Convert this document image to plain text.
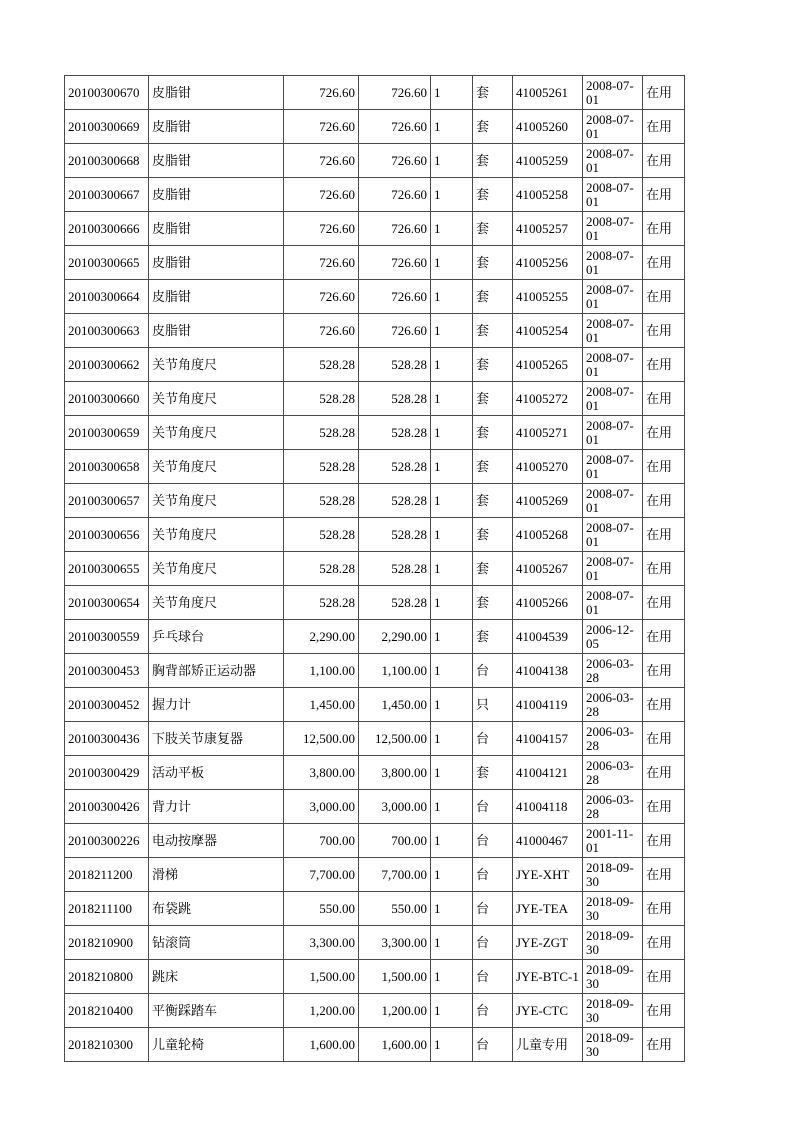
20100300670	皮脂钳	726.60	726.60	1	套	41005261	2008-07-01	在用
20100300669	皮脂钳	726.60	726.60	1	套	41005260	2008-07-01	在用
20100300668	皮脂钳	726.60	726.60	1	套	41005259	2008-07-01	在用
20100300667	皮脂钳	726.60	726.60	1	套	41005258	2008-07-01	在用
20100300666	皮脂钳	726.60	726.60	1	套	41005257	2008-07-01	在用
20100300665	皮脂钳	726.60	726.60	1	套	41005256	2008-07-01	在用
20100300664	皮脂钳	726.60	726.60	1	套	41005255	2008-07-01	在用
20100300663	皮脂钳	726.60	726.60	1	套	41005254	2008-07-01	在用
20100300662	关节角度尺	528.28	528.28	1	套	41005265	2008-07-01	在用
20100300660	关节角度尺	528.28	528.28	1	套	41005272	2008-07-01	在用
20100300659	关节角度尺	528.28	528.28	1	套	41005271	2008-07-01	在用
20100300658	关节角度尺	528.28	528.28	1	套	41005270	2008-07-01	在用
20100300657	关节角度尺	528.28	528.28	1	套	41005269	2008-07-01	在用
20100300656	关节角度尺	528.28	528.28	1	套	41005268	2008-07-01	在用
20100300655	关节角度尺	528.28	528.28	1	套	41005267	2008-07-01	在用
20100300654	关节角度尺	528.28	528.28	1	套	41005266	2008-07-01	在用
20100300559	乒乓球台	2,290.00	2,290.00	1	套	41004539	2006-12-05	在用
20100300453	胸背部矫正运动器	1,100.00	1,100.00	1	台	41004138	2006-03-28	在用
20100300452	握力计	1,450.00	1,450.00	1	只	41004119	2006-03-28	在用
20100300436	下肢关节康复器	12,500.00	12,500.00	1	台	41004157	2006-03-28	在用
20100300429	活动平板	3,800.00	3,800.00	1	套	41004121	2006-03-28	在用
20100300426	背力计	3,000.00	3,000.00	1	台	41004118	2006-03-28	在用
20100300226	电动按摩器	700.00	700.00	1	台	41000467	2001-11-01	在用
2018211200	滑梯	7,700.00	7,700.00	1	台	JYE-XHT	2018-09-30	在用
2018211100	布袋跳	550.00	550.00	1	台	JYE-TEA	2018-09-30	在用
2018210900	钻滚筒	3,300.00	3,300.00	1	台	JYE-ZGT	2018-09-30	在用
2018210800	跳床	1,500.00	1,500.00	1	台	JYE-BTC-1	2018-09-30	在用
2018210400	平衡踩踏车	1,200.00	1,200.00	1	台	JYE-CTC	2018-09-30	在用
2018210300	儿童轮椅	1,600.00	1,600.00	1	台	儿童专用	2018-09-30	在用
